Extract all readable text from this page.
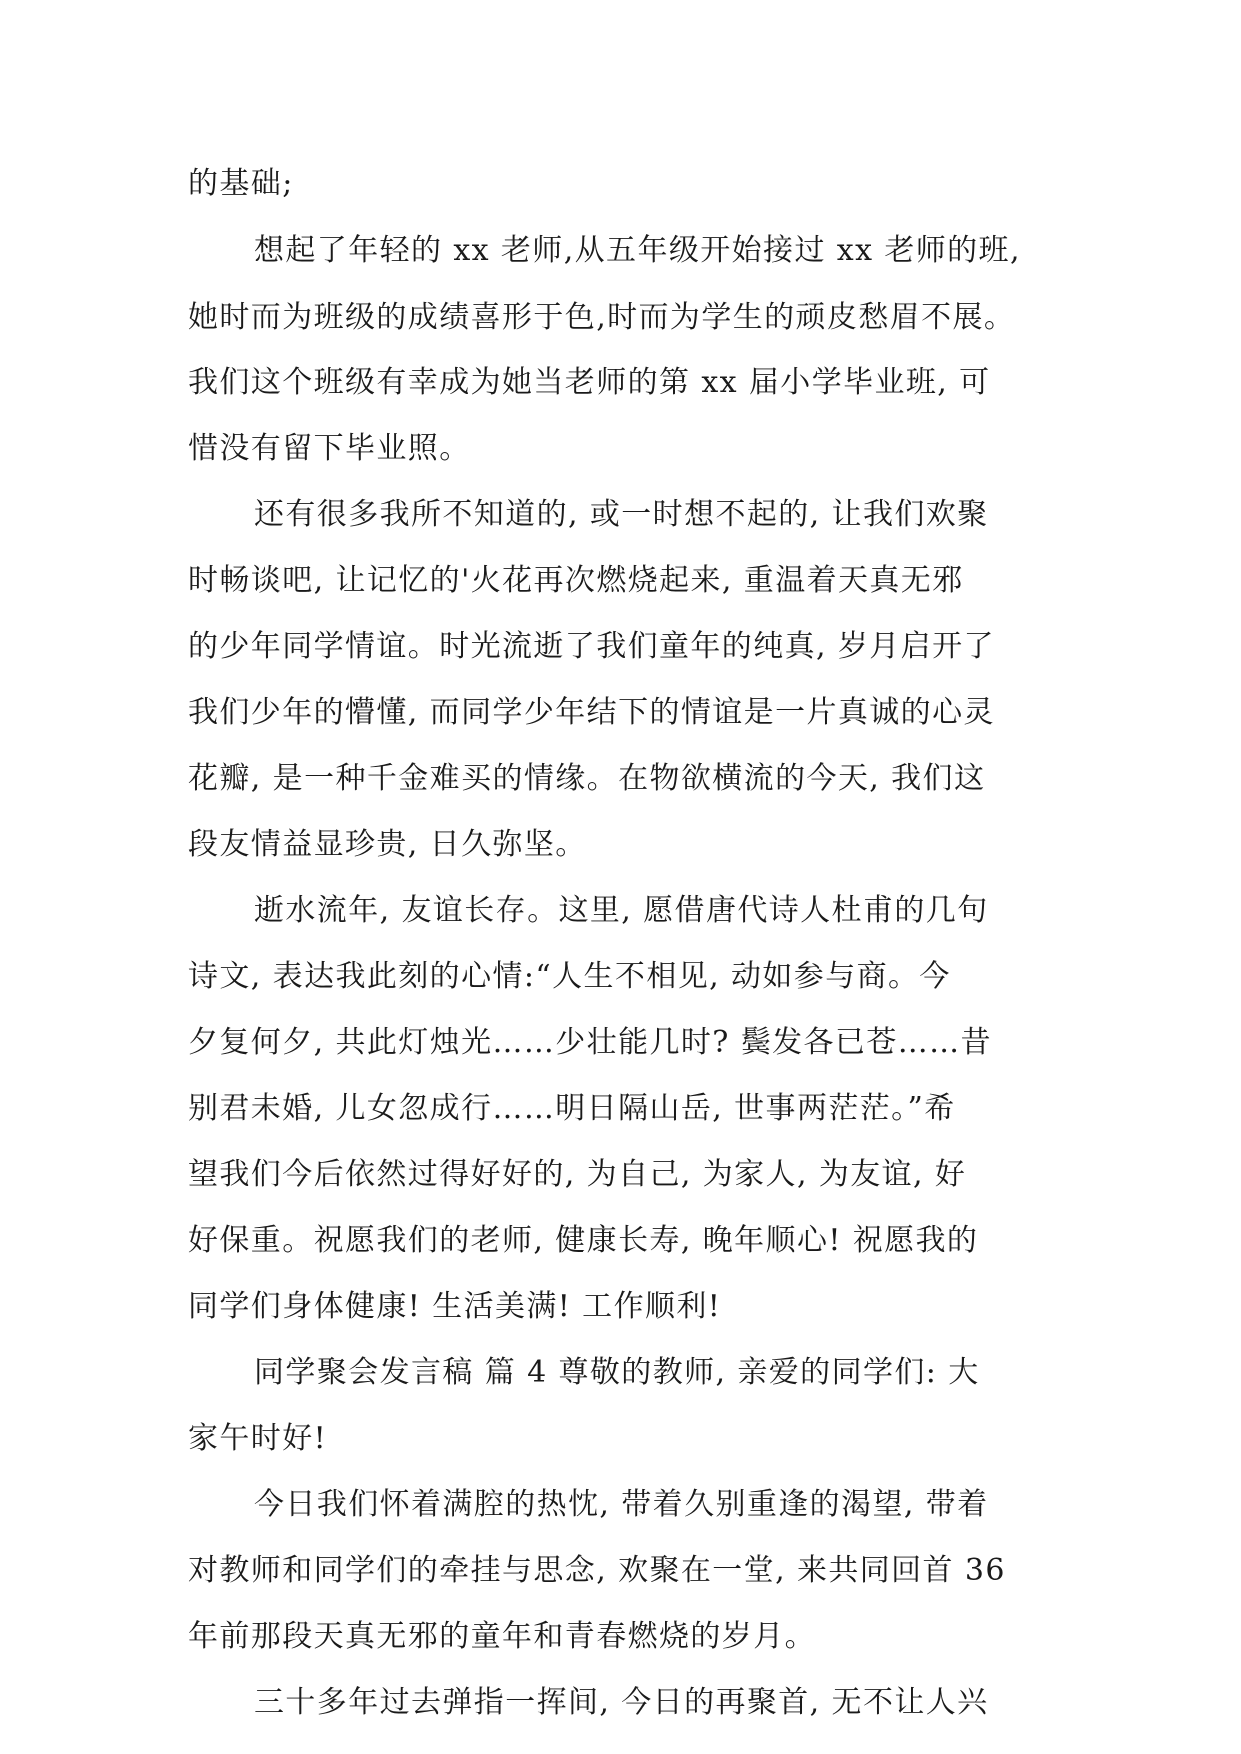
的基础;

想起了年轻的 xx 老师,从五年级开始接过 xx 老师的班,

她时而为班级的成绩喜形于色,时而为学生的顽皮愁眉不展。

我们这个班级有幸成为她当老师的第 xx 届小学毕业班, 可

惜没有留下毕业照。

还有很多我所不知道的, 或一时想不起的, 让我们欢聚

时畅谈吧, 让记忆的'火花再次燃烧起来, 重温着天真无邪

的少年同学情谊。时光流逝了我们童年的纯真, 岁月启开了

我们少年的懵懂, 而同学少年结下的情谊是一片真诚的心灵

花瓣, 是一种千金难买的情缘。在物欲横流的今天, 我们这

段友情益显珍贵, 日久弥坚。

逝水流年, 友谊长存。这里, 愿借唐代诗人杜甫的几句

诗文, 表达我此刻的心情:“人生不相见, 动如参与商。今

夕复何夕, 共此灯烛光……少壮能几时? 鬓发各已苍……昔

别君未婚, 儿女忽成行……明日隔山岳, 世事两茫茫。”希

望我们今后依然过得好好的, 为自己, 为家人, 为友谊, 好

好保重。祝愿我们的老师, 健康长寿, 晚年顺心! 祝愿我的

同学们身体健康! 生活美满! 工作顺利!

同学聚会发言稿 篇 4 尊敬的教师, 亲爱的同学们: 大

家午时好!

今日我们怀着满腔的热忱, 带着久别重逢的渴望, 带着

对教师和同学们的牵挂与思念, 欢聚在一堂, 来共同回首 36

年前那段天真无邪的童年和青春燃烧的岁月。

三十多年过去弹指一挥间, 今日的再聚首, 无不让人兴
